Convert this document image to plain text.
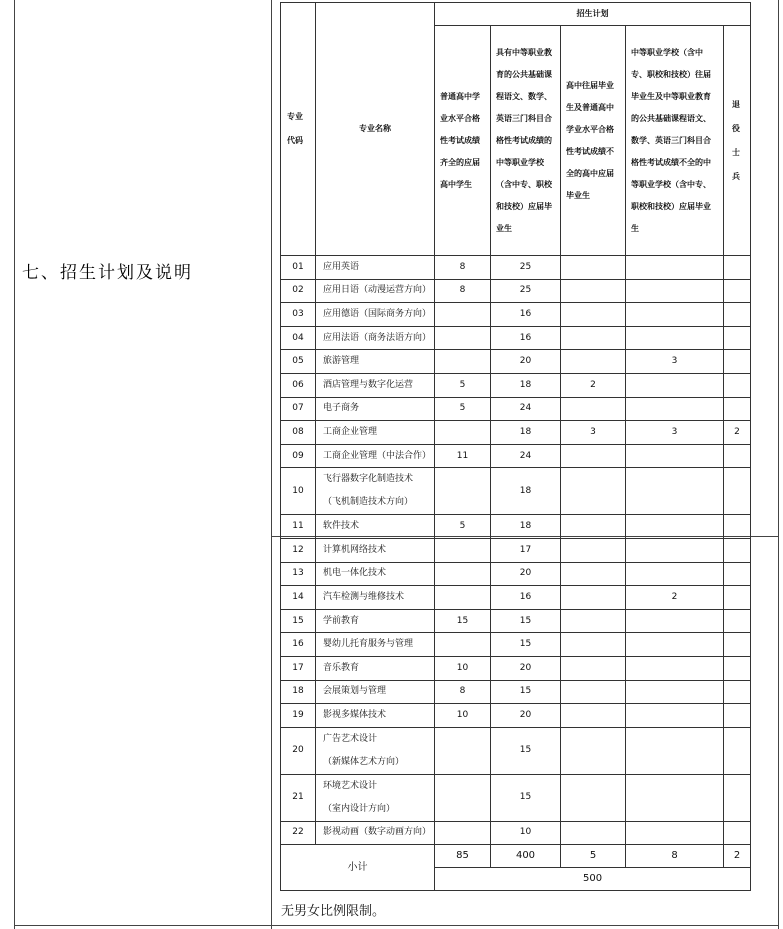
七、招生计划及说明
专业代码	专业名称	招生计划				
		普通高中学业水平合格性考试成绩齐全的应届高中学生	具有中等职业教育的公共基础课程语文、数学、英语三门科目合格性考试成绩的中等职业学校（含中专、职校和技校）应届毕业生	高中往届毕业生及普通高中学业水平合格性考试成绩不全的高中应届毕业生	中等职业学校（含中专、职校和技校）往届毕业生及中等职业教育的公共基础课程语文、数学、英语三门科目合格性考试成绩不全的中等职业学校（含中专、职校和技校）应届毕业生	退役士兵
01	应用英语	8	25			
02	应用日语（动漫运营方向）	8	25			
03	应用德语（国际商务方向）		16			
04	应用法语（商务法语方向）		16			
05	旅游管理		20		3	
06	酒店管理与数字化运营	5	18	2		
07	电子商务	5	24			
08	工商企业管理		18	3	3	2
09	工商企业管理（中法合作）	11	24			
10	飞行器数字化制造技术
（飞机制造技术方向）		18			
11	软件技术	5	18			
12	计算机网络技术		17			
13	机电一体化技术		20			
14	汽车检测与维修技术		16		2	
15	学前教育	15	15			
16	婴幼儿托育服务与管理		15			
17	音乐教育	10	20			
18	会展策划与管理	8	15			
19	影视多媒体技术	10	20			
20	广告艺术设计
（新媒体艺术方向）		15			
21	环境艺术设计
（室内设计方向）		15			
22	影视动画（数字动画方向）		10			
小计		85	400	5	8	2
		500				
无男女比例限制。
